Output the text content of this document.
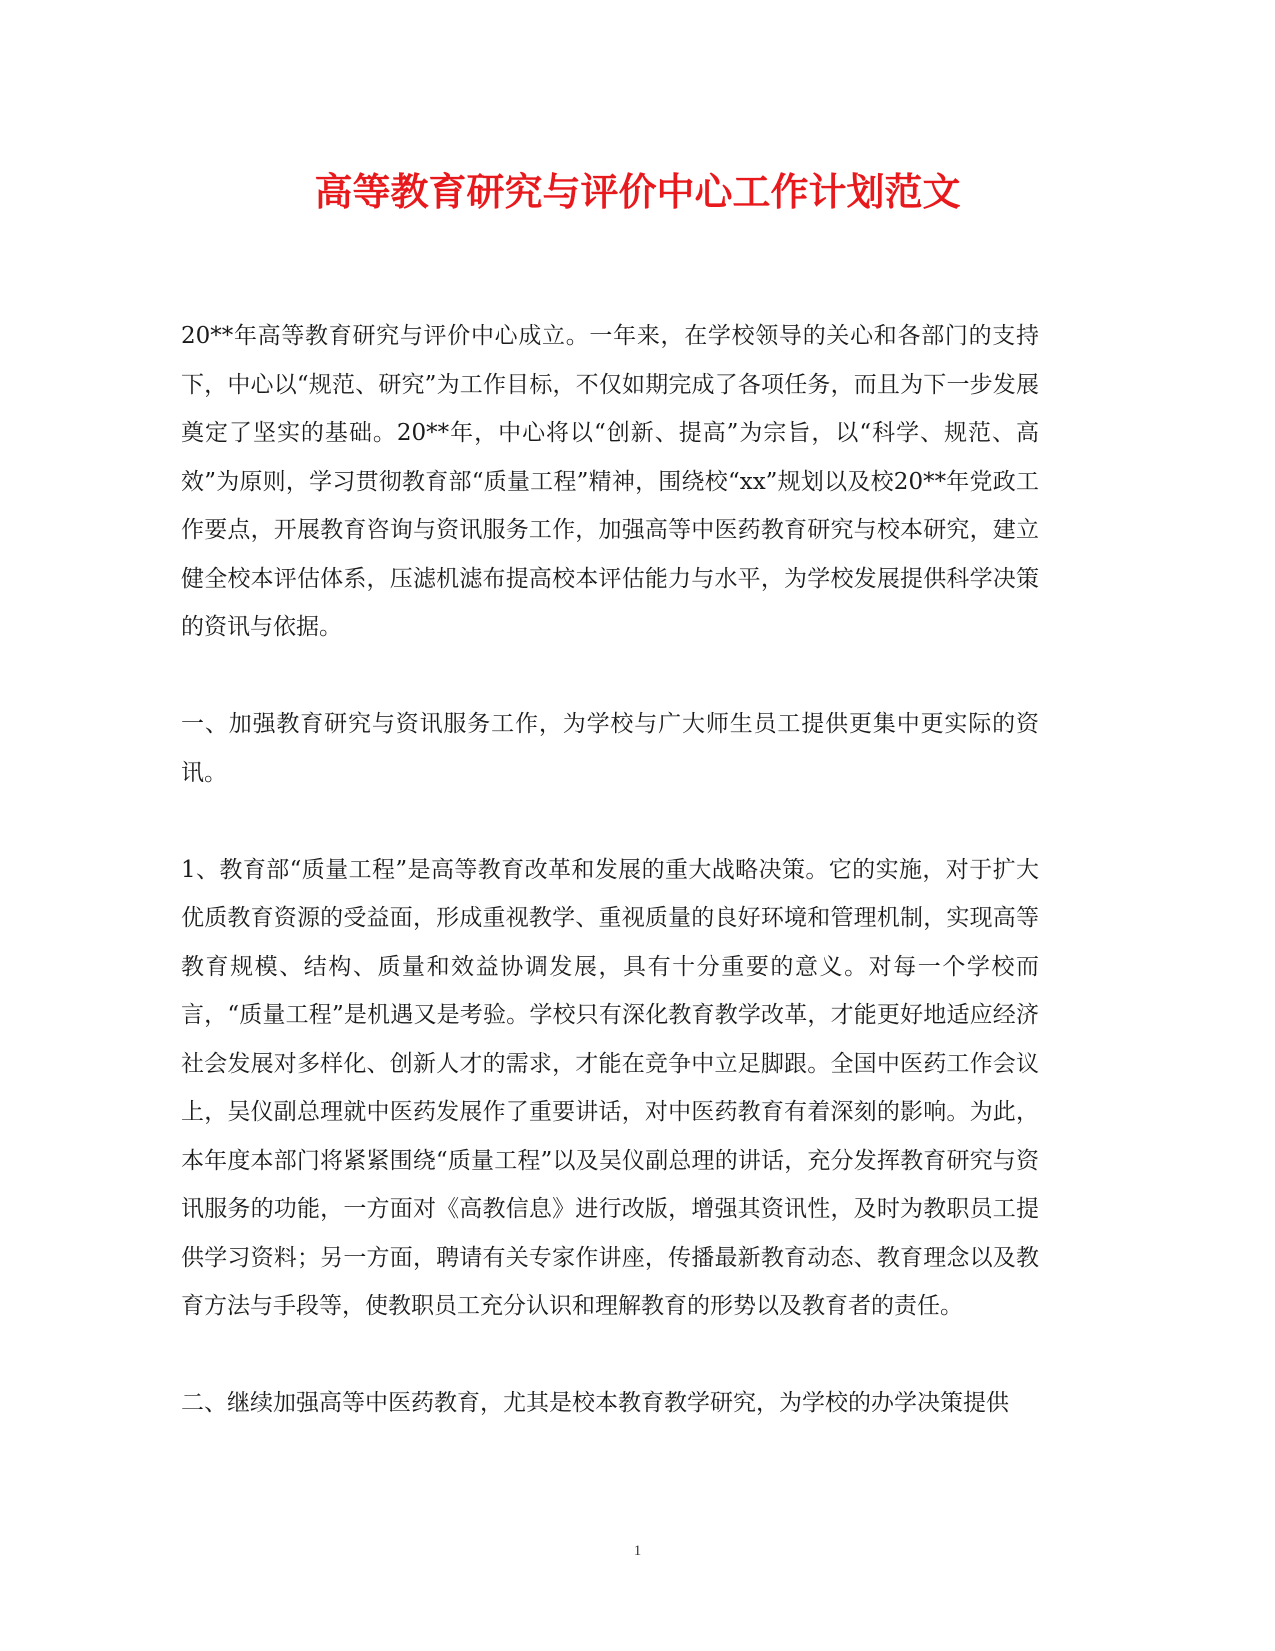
高等教育研究与评价中心工作计划范文

20**年高等教育研究与评价中心成立。一年来，在学校领导的关心和各部门的支持下，中心以“规范、研究”为工作目标，不仅如期完成了各项任务，而且为下一步发展奠定了坚实的基础。20**年，中心将以“创新、提高”为宗旨，以“科学、规范、高效”为原则，学习贯彻教育部“质量工程”精神，围绕校“xx”规划以及校20**年党政工作要点，开展教育咨询与资讯服务工作，加强高等中医药教育研究与校本研究，建立健全校本评估体系，压滤机滤布提高校本评估能力与水平，为学校发展提供科学决策的资讯与依据。

一、加强教育研究与资讯服务工作，为学校与广大师生员工提供更集中更实际的资讯。

1、教育部“质量工程”是高等教育改革和发展的重大战略决策。它的实施，对于扩大优质教育资源的受益面，形成重视教学、重视质量的良好环境和管理机制，实现高等教育规模、结构、质量和效益协调发展，具有十分重要的意义。对每一个学校而言，“质量工程”是机遇又是考验。学校只有深化教育教学改革，才能更好地适应经济社会发展对多样化、创新人才的需求，才能在竞争中立足脚跟。全国中医药工作会议上，吴仪副总理就中医药发展作了重要讲话，对中医药教育有着深刻的影响。为此，本年度本部门将紧紧围绕“质量工程”以及吴仪副总理的讲话，充分发挥教育研究与资讯服务的功能，一方面对《高教信息》进行改版，增强其资讯性，及时为教职员工提供学习资料；另一方面，聘请有关专家作讲座，传播最新教育动态、教育理念以及教育方法与手段等，使教职员工充分认识和理解教育的形势以及教育者的责任。

二、继续加强高等中医药教育，尤其是校本教育教学研究，为学校的办学决策提供

1
